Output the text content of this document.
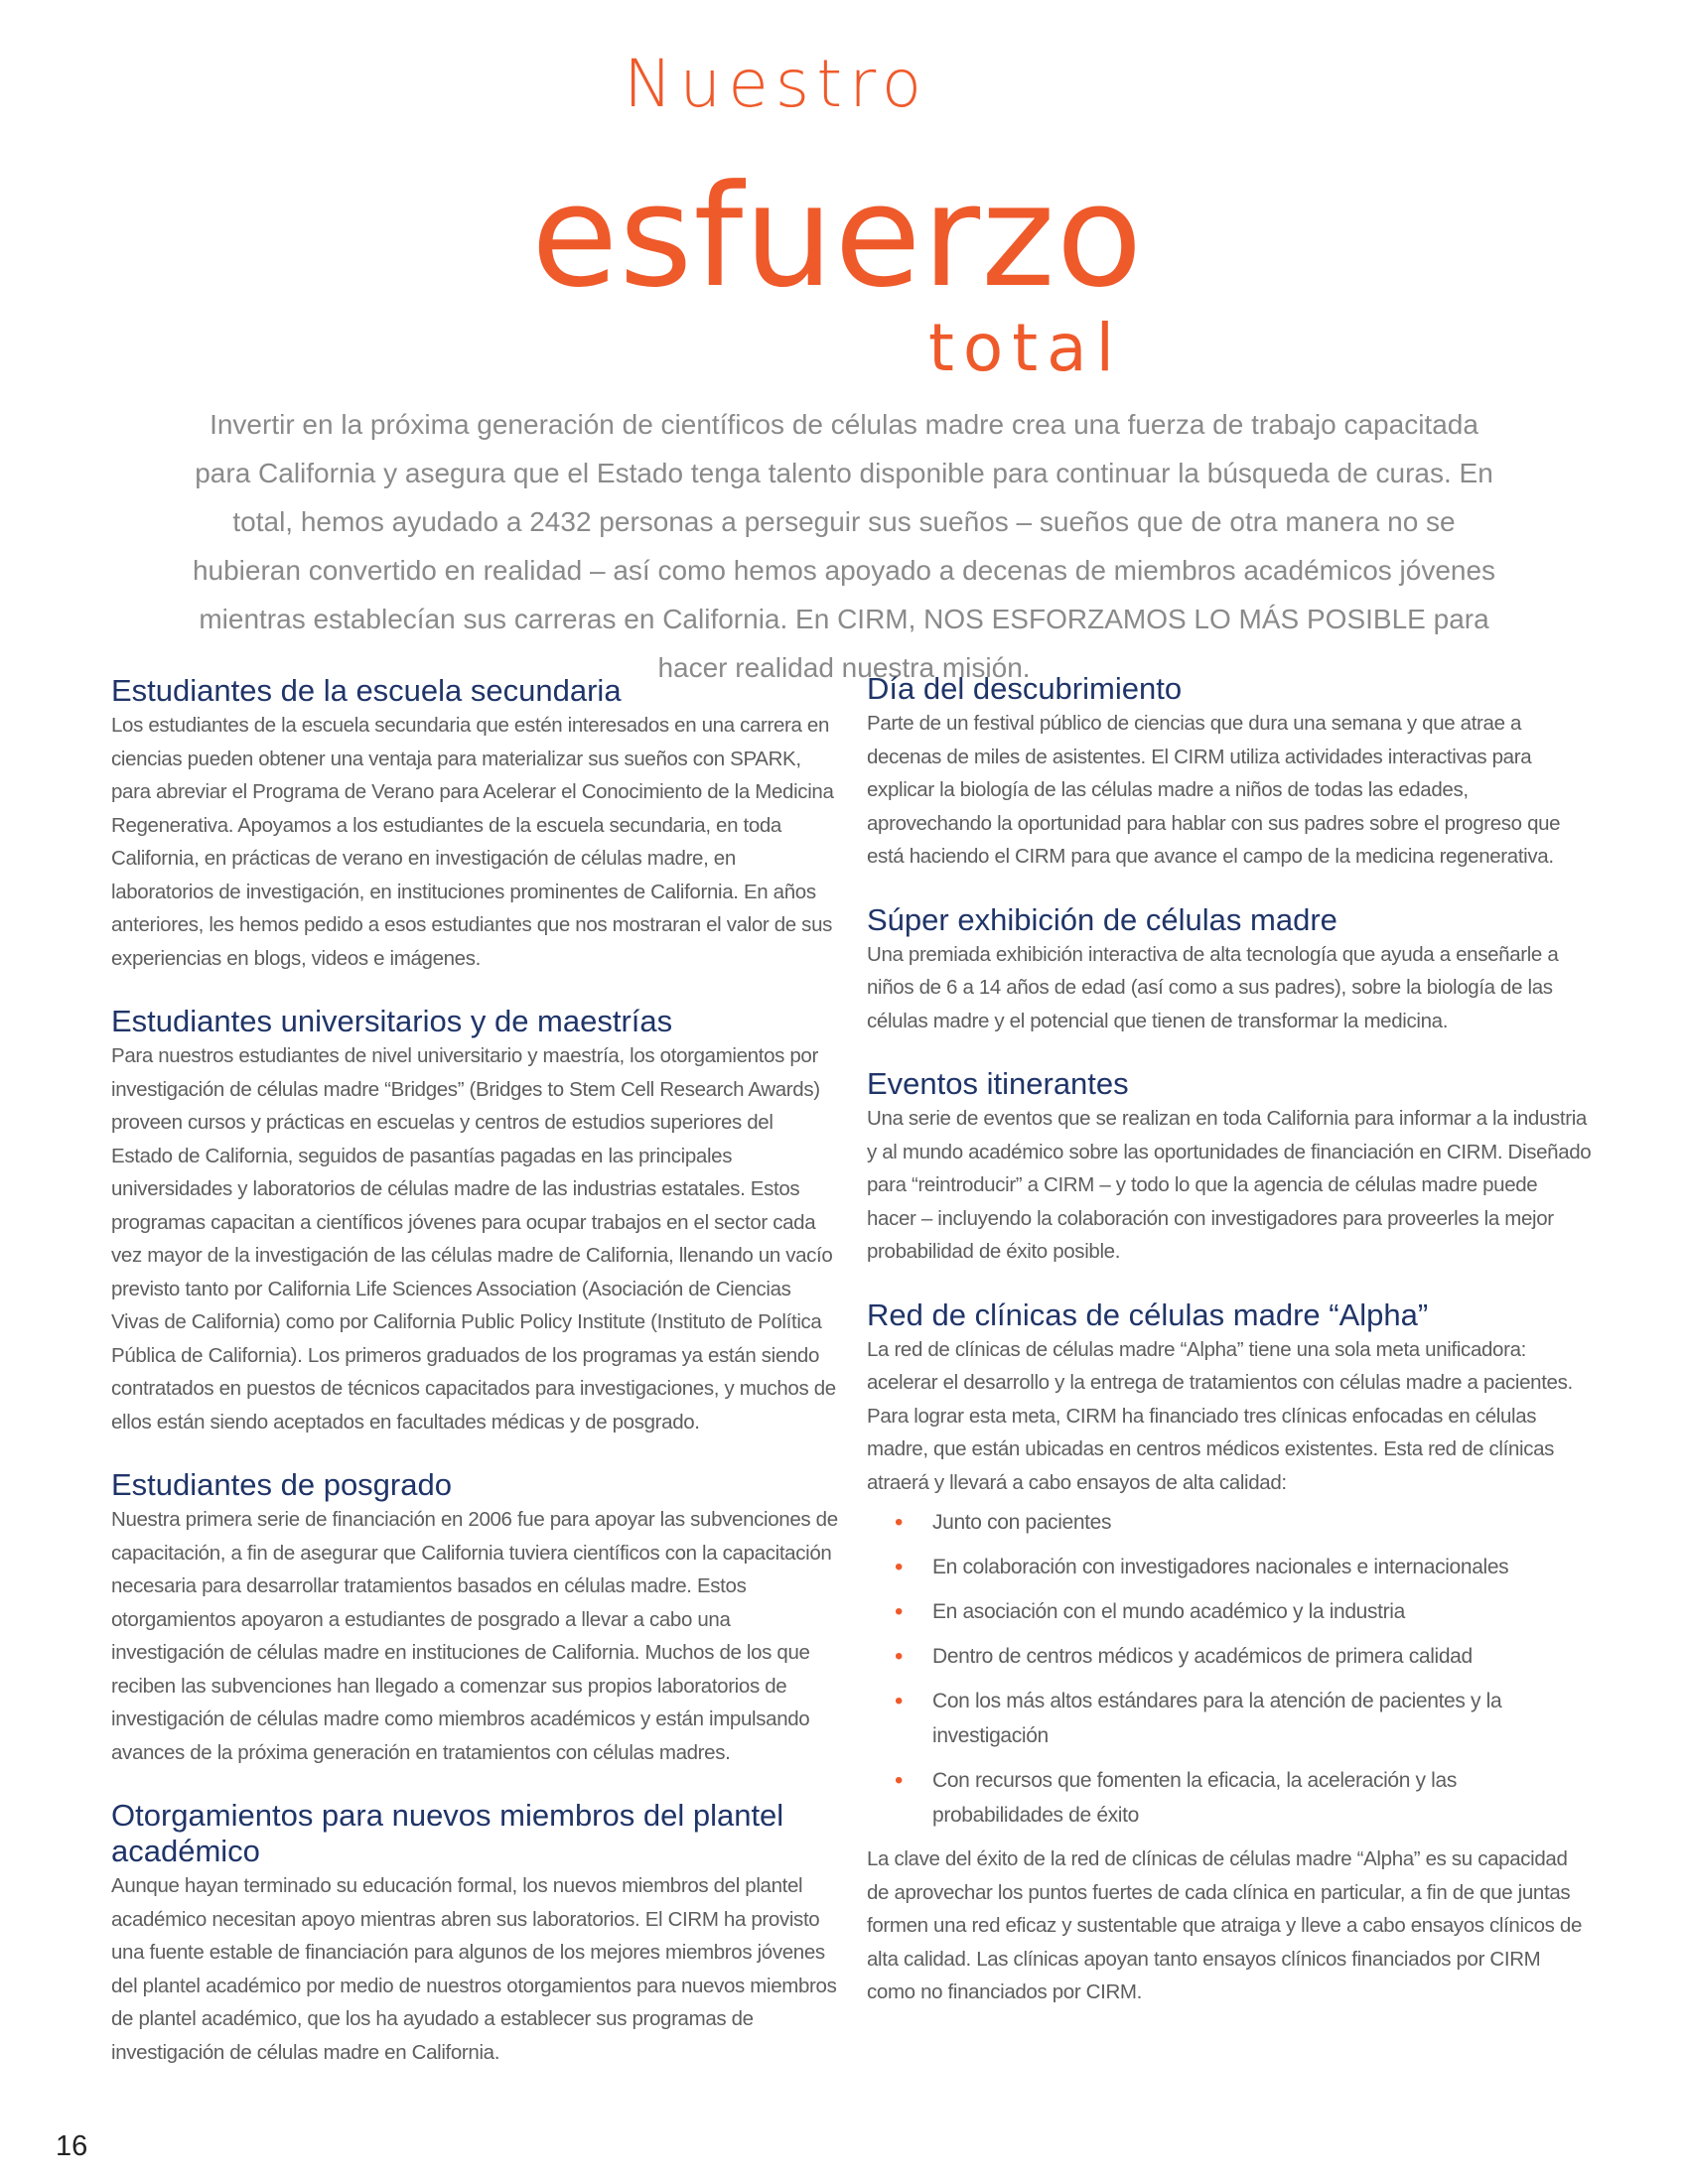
Nuestro
esfuerzo
total
Invertir en la próxima generación de científicos de células madre crea una fuerza de trabajo capacitada para California y asegura que el Estado tenga talento disponible para continuar la búsqueda de curas. En total, hemos ayudado a 2432 personas a perseguir sus sueños – sueños que de otra manera no se hubieran convertido en realidad – así como hemos apoyado a decenas de miembros académicos jóvenes mientras establecían sus carreras en California. En CIRM, NOS ESFORZAMOS LO MÁS POSIBLE para hacer realidad nuestra misión.
Estudiantes de la escuela secundaria

Los estudiantes de la escuela secundaria que estén interesados en una carrera en ciencias pueden obtener una ventaja para materializar sus sueños con SPARK, para abreviar el Programa de Verano para Acelerar el Conocimiento de la Medicina Regenerativa. Apoyamos a los estudiantes de la escuela secundaria, en toda California, en prácticas de verano en investigación de células madre, en laboratorios de investigación, en instituciones prominentes de California. En años anteriores, les hemos pedido a esos estudiantes que nos mostraran el valor de sus experiencias en blogs, videos e imágenes.

Estudiantes universitarios y de maestrías

Para nuestros estudiantes de nivel universitario y maestría, los otorgamientos por investigación de células madre “Bridges” (Bridges to Stem Cell Research Awards) proveen cursos y prácticas en escuelas y centros de estudios superiores del Estado de California, seguidos de pasantías pagadas en las principales universidades y laboratorios de células madre de las industrias estatales. Estos programas capacitan a científicos jóvenes para ocupar trabajos en el sector cada vez mayor de la investigación de las células madre de California, llenando un vacío previsto tanto por California Life Sciences Association (Asociación de Ciencias Vivas de California) como por California Public Policy Institute (Instituto de Política Pública de California). Los primeros graduados de los programas ya están siendo contratados en puestos de técnicos capacitados para investigaciones, y muchos de ellos están siendo aceptados en facultades médicas y de posgrado.

Estudiantes de posgrado

Nuestra primera serie de financiación en 2006 fue para apoyar las subvenciones de capacitación, a fin de asegurar que California tuviera científicos con la capacitación necesaria para desarrollar tratamientos basados en células madre. Estos otorgamientos apoyaron a estudiantes de posgrado a llevar a cabo una investigación de células madre en instituciones de California. Muchos de los que reciben las subvenciones han llegado a comenzar sus propios laboratorios de investigación de células madre como miembros académicos y están impulsando avances de la próxima generación en tratamientos con células madres.

Otorgamientos para nuevos miembros del plantel académico

Aunque hayan terminado su educación formal, los nuevos miembros del plantel académico necesitan apoyo mientras abren sus laboratorios. El CIRM ha provisto una fuente estable de financiación para algunos de los mejores miembros jóvenes del plantel académico por medio de nuestros otorgamientos para nuevos miembros de plantel académico, que los ha ayudado a establecer sus programas de investigación de células madre en California.

Día del descubrimiento

Parte de un festival público de ciencias que dura una semana y que atrae a decenas de miles de asistentes. El CIRM utiliza actividades interactivas para explicar la biología de las células madre a niños de todas las edades, aprovechando la oportunidad para hablar con sus padres sobre el progreso que está haciendo el CIRM para que avance el campo de la medicina regenerativa.

Súper exhibición de células madre

Una premiada exhibición interactiva de alta tecnología que ayuda a enseñarle a niños de 6 a 14 años de edad (así como a sus padres), sobre la biología de las células madre y el potencial que tienen de transformar la medicina.

Eventos itinerantes

Una serie de eventos que se realizan en toda California para informar a la industria y al mundo académico sobre las oportunidades de financiación en CIRM. Diseñado para “reintroducir” a CIRM – y todo lo que la agencia de células madre puede hacer – incluyendo la colaboración con investigadores para proveerles la mejor probabilidad de éxito posible.

Red de clínicas de células madre “Alpha”

La red de clínicas de células madre “Alpha” tiene una sola meta unificadora: acelerar el desarrollo y la entrega de tratamientos con células madre a pacientes. Para lograr esta meta, CIRM ha financiado tres clínicas enfocadas en células madre, que están ubicadas en centros médicos existentes. Esta red de clínicas atraerá y llevará a cabo ensayos de alta calidad:

• Junto con pacientes
• En colaboración con investigadores nacionales e internacionales
• En asociación con el mundo académico y la industria
• Dentro de centros médicos y académicos de primera calidad
• Con los más altos estándares para la atención de pacientes y la investigación
• Con recursos que fomenten la eficacia, la aceleración y las probabilidades de éxito

La clave del éxito de la red de clínicas de células madre “Alpha” es su capacidad de aprovechar los puntos fuertes de cada clínica en particular, a fin de que juntas formen una red eficaz y sustentable que atraiga y lleve a cabo ensayos clínicos de alta calidad. Las clínicas apoyan tanto ensayos clínicos financiados por CIRM como no financiados por CIRM.

16
